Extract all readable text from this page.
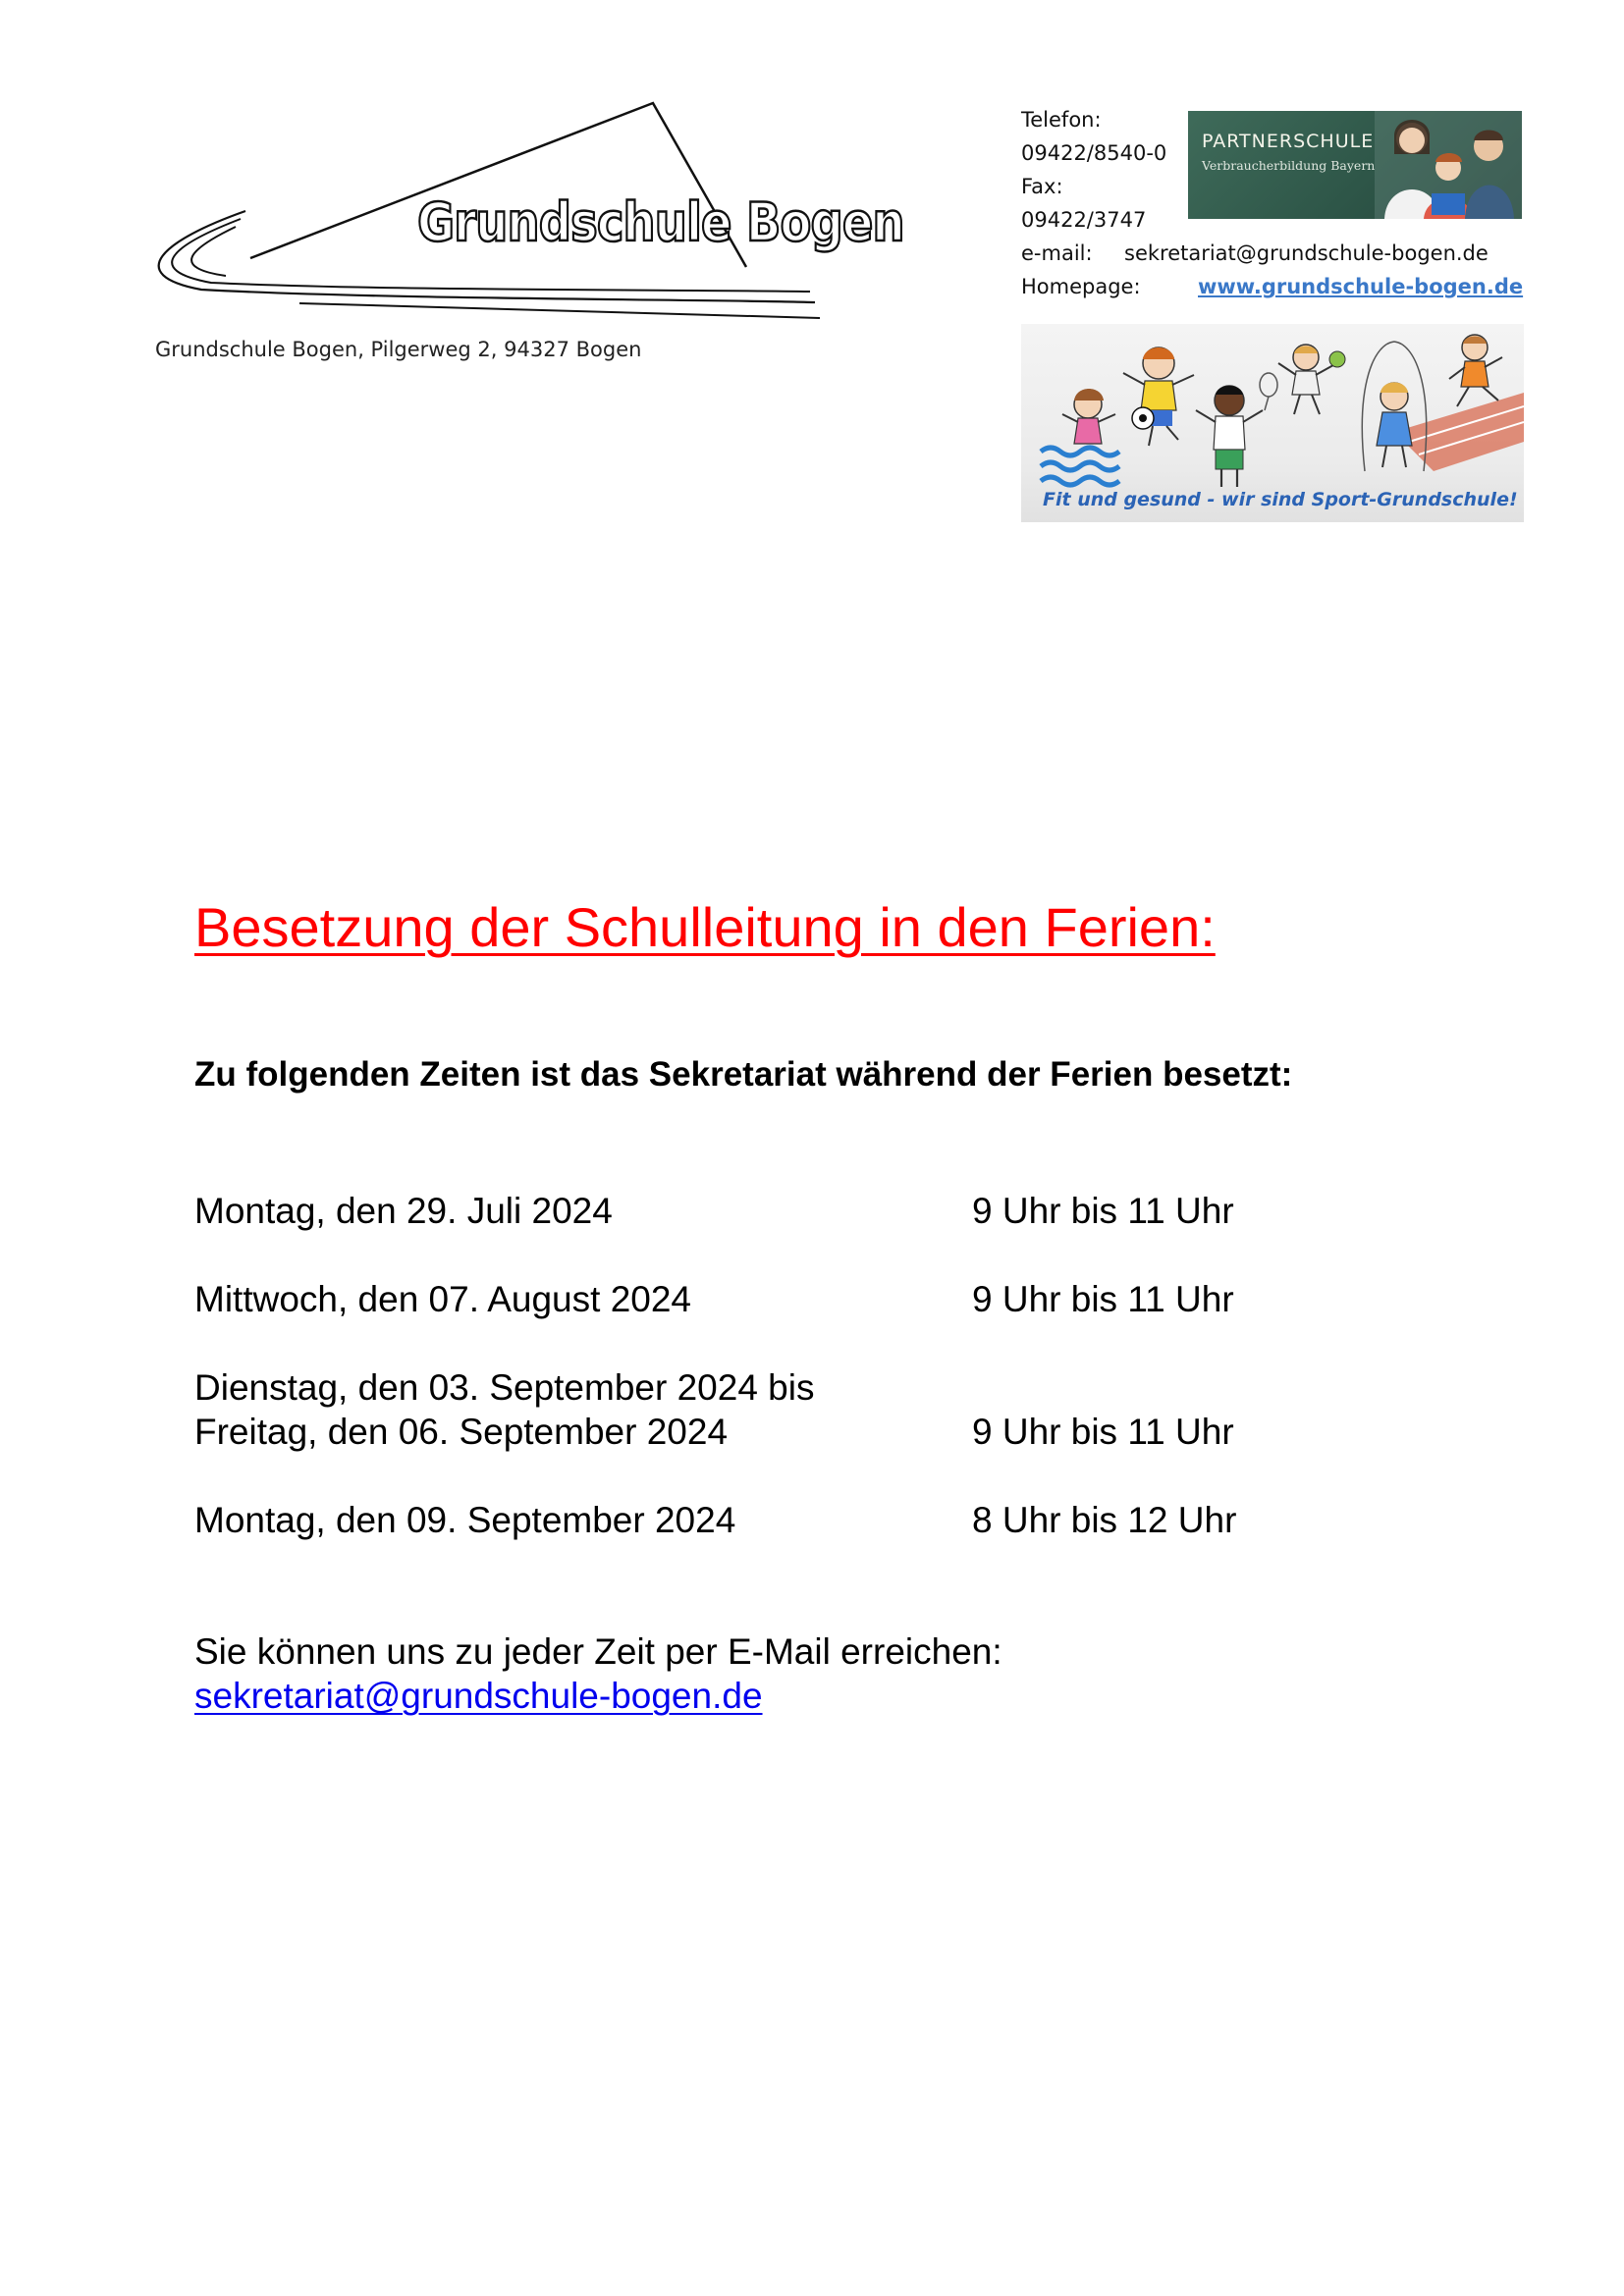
Grundschule Bogen
Grundschule Bogen, Pilgerweg 2, 94327 Bogen
Telefon:
09422/8540-0
Fax:
09422/3747
e-mail: sekretariat@grundschule-bogen.de
Homepage:	www.grundschule-bogen.de
PARTNERSCHULE
Verbraucherbildung Bayern
Fit und gesund - wir sind Sport-Grundschule!
Besetzung der Schulleitung in den Ferien:
Zu folgenden Zeiten ist das Sekretariat während der Ferien besetzt:
Montag, den 29. Juli 2024	9 Uhr bis 11 Uhr
Mittwoch, den 07. August 2024	9 Uhr bis 11 Uhr
Dienstag, den 03. September 2024 bis
Freitag, den 06. September 2024	9 Uhr bis 11 Uhr
Montag, den 09. September 2024	8 Uhr bis 12 Uhr
Sie können uns zu jeder Zeit per E-Mail erreichen:
sekretariat@grundschule-bogen.de
